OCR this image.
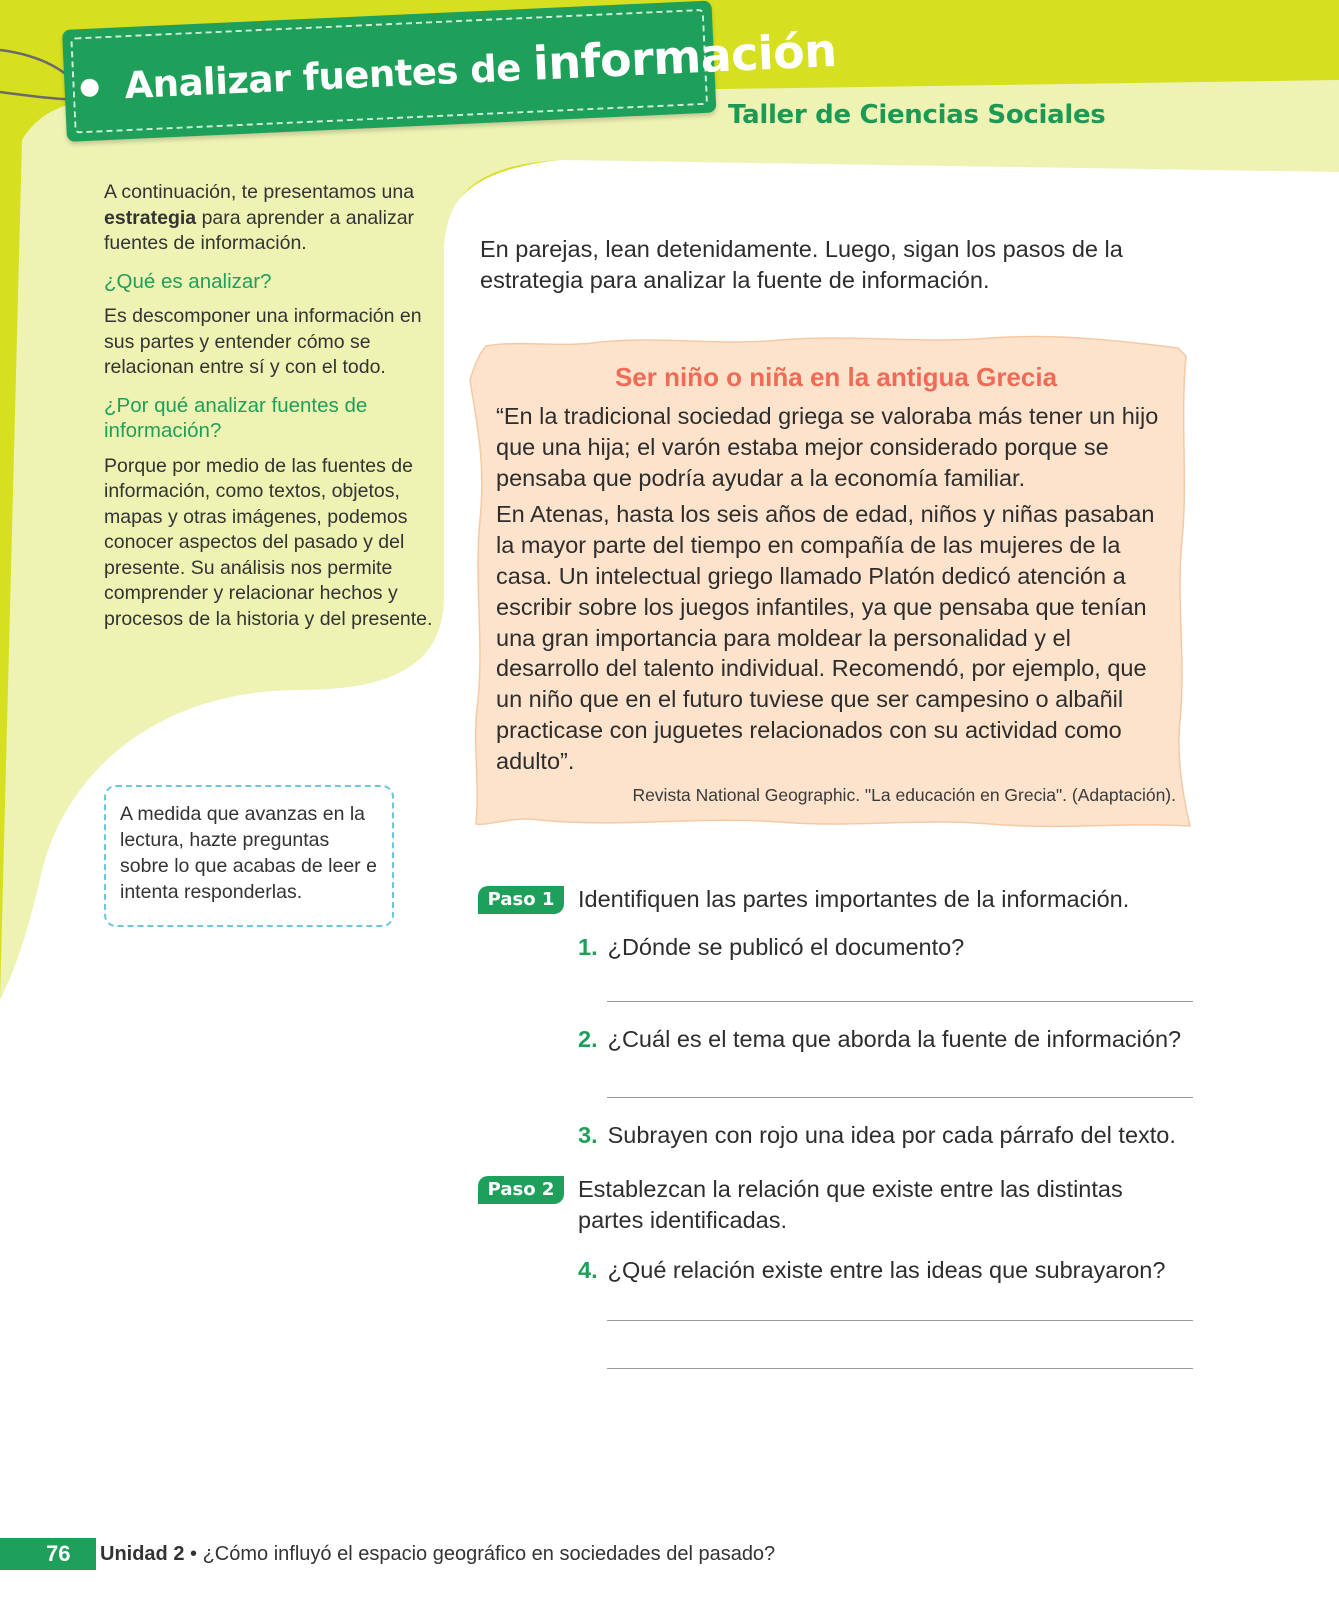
Analizar fuentes de información
Taller de Ciencias Sociales

A continuación, te presentamos una estrategia para aprender a analizar fuentes de información.

¿Qué es analizar?

Es descomponer una información en sus partes y entender cómo se relacionan entre sí y con el todo.

¿Por qué analizar fuentes de información?

Porque por medio de las fuentes de información, como textos, objetos, mapas y otras imágenes, podemos conocer aspectos del pasado y del presente. Su análisis nos permite comprender y relacionar hechos y procesos de la historia y del presente.

A medida que avanzas en la lectura, hazte preguntas sobre lo que acabas de leer e intenta responderlas.
En parejas, lean detenidamente. Luego, sigan los pasos de la estrategia para analizar la fuente de información.
Ser niño o niña en la antigua Grecia

“En la tradicional sociedad griega se valoraba más tener un hijo que una hija; el varón estaba mejor considerado porque se pensaba que podría ayudar a la economía familiar.

En Atenas, hasta los seis años de edad, niños y niñas pasaban la mayor parte del tiempo en compañía de las mujeres de la casa. Un intelectual griego llamado Platón dedicó atención a escribir sobre los juegos infantiles, ya que pensaba que tenían una gran importancia para moldear la personalidad y el desarrollo del talento individual. Recomendó, por ejemplo, que un niño que en el futuro tuviese que ser campesino o albañil practicase con juguetes relacionados con su actividad como adulto”.

Revista National Geographic. "La educación en Grecia". (Adaptación).
Paso 1	Identifiquen las partes importantes de la información.
1. ¿Dónde se publicó el documento?
2. ¿Cuál es el tema que aborda la fuente de información?
3. Subrayen con rojo una idea por cada párrafo del texto.
Paso 2	Establezcan la relación que existe entre las distintas partes identificadas.
4. ¿Qué relación existe entre las ideas que subrayaron?
76 Unidad 2 • ¿Cómo influyó el espacio geográfico en sociedades del pasado?
